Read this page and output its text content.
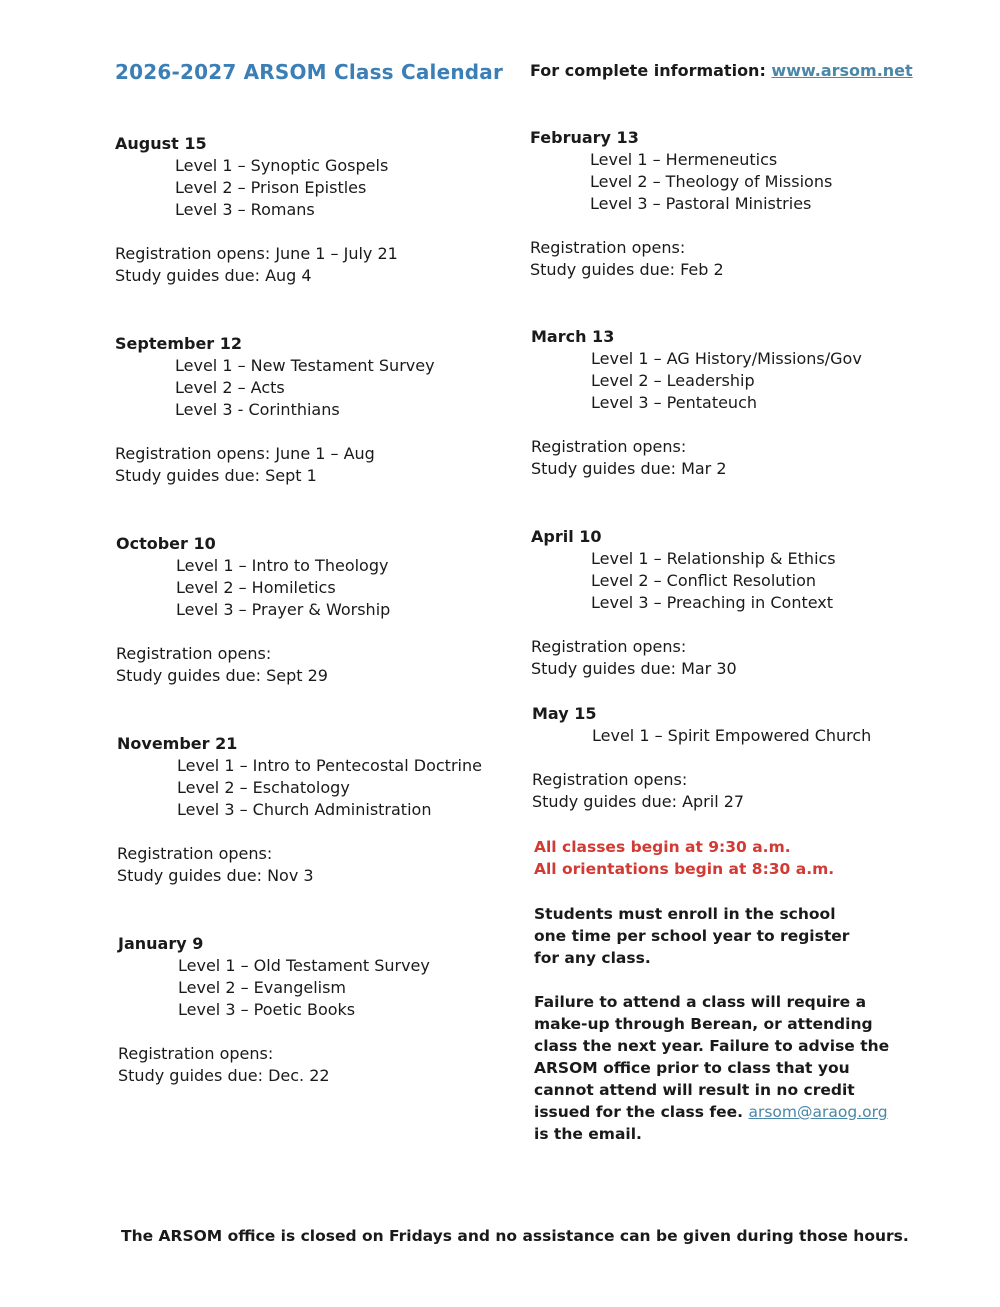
2026-2027 ARSOM Class Calendar For complete information: www.arsom.net
August 15
Level 1 – Synoptic Gospels
Level 2 – Prison Epistles
Level 3 – Romans
Registration opens: June 1 – July 21
Study guides due: Aug 4
September 12
Level 1 – New Testament Survey
Level 2 – Acts
Level 3 - Corinthians
Registration opens: June 1 – Aug
Study guides due: Sept 1
October 10
Level 1 – Intro to Theology
Level 2 – Homiletics
Level 3 – Prayer & Worship
Registration opens:
Study guides due: Sept 29
November 21
Level 1 – Intro to Pentecostal Doctrine
Level 2 – Eschatology
Level 3 – Church Administration
Registration opens:
Study guides due: Nov 3
January 9
Level 1 – Old Testament Survey
Level 2 – Evangelism
Level 3 – Poetic Books
Registration opens:
Study guides due: Dec. 22
February 13
Level 1 – Hermeneutics
Level 2 – Theology of Missions
Level 3 – Pastoral Ministries
Registration opens:
Study guides due: Feb 2
March 13
Level 1 – AG History/Missions/Gov
Level 2 – Leadership
Level 3 – Pentateuch
Registration opens:
Study guides due: Mar 2
April 10
Level 1 – Relationship & Ethics
Level 2 – Conflict Resolution
Level 3 – Preaching in Context
Registration opens:
Study guides due: Mar 30
May 15
Level 1 – Spirit Empowered Church
Registration opens:
Study guides due: April 27
All classes begin at 9:30 a.m.
All orientations begin at 8:30 a.m.
Students must enroll in the school one time per school year to register for any class.
Failure to attend a class will require a make-up through Berean, or attending class the next year. Failure to advise the ARSOM office prior to class that you cannot attend will result in no credit issued for the class fee. arsom@araog.org is the email.
The ARSOM office is closed on Fridays and no assistance can be given during those hours.
